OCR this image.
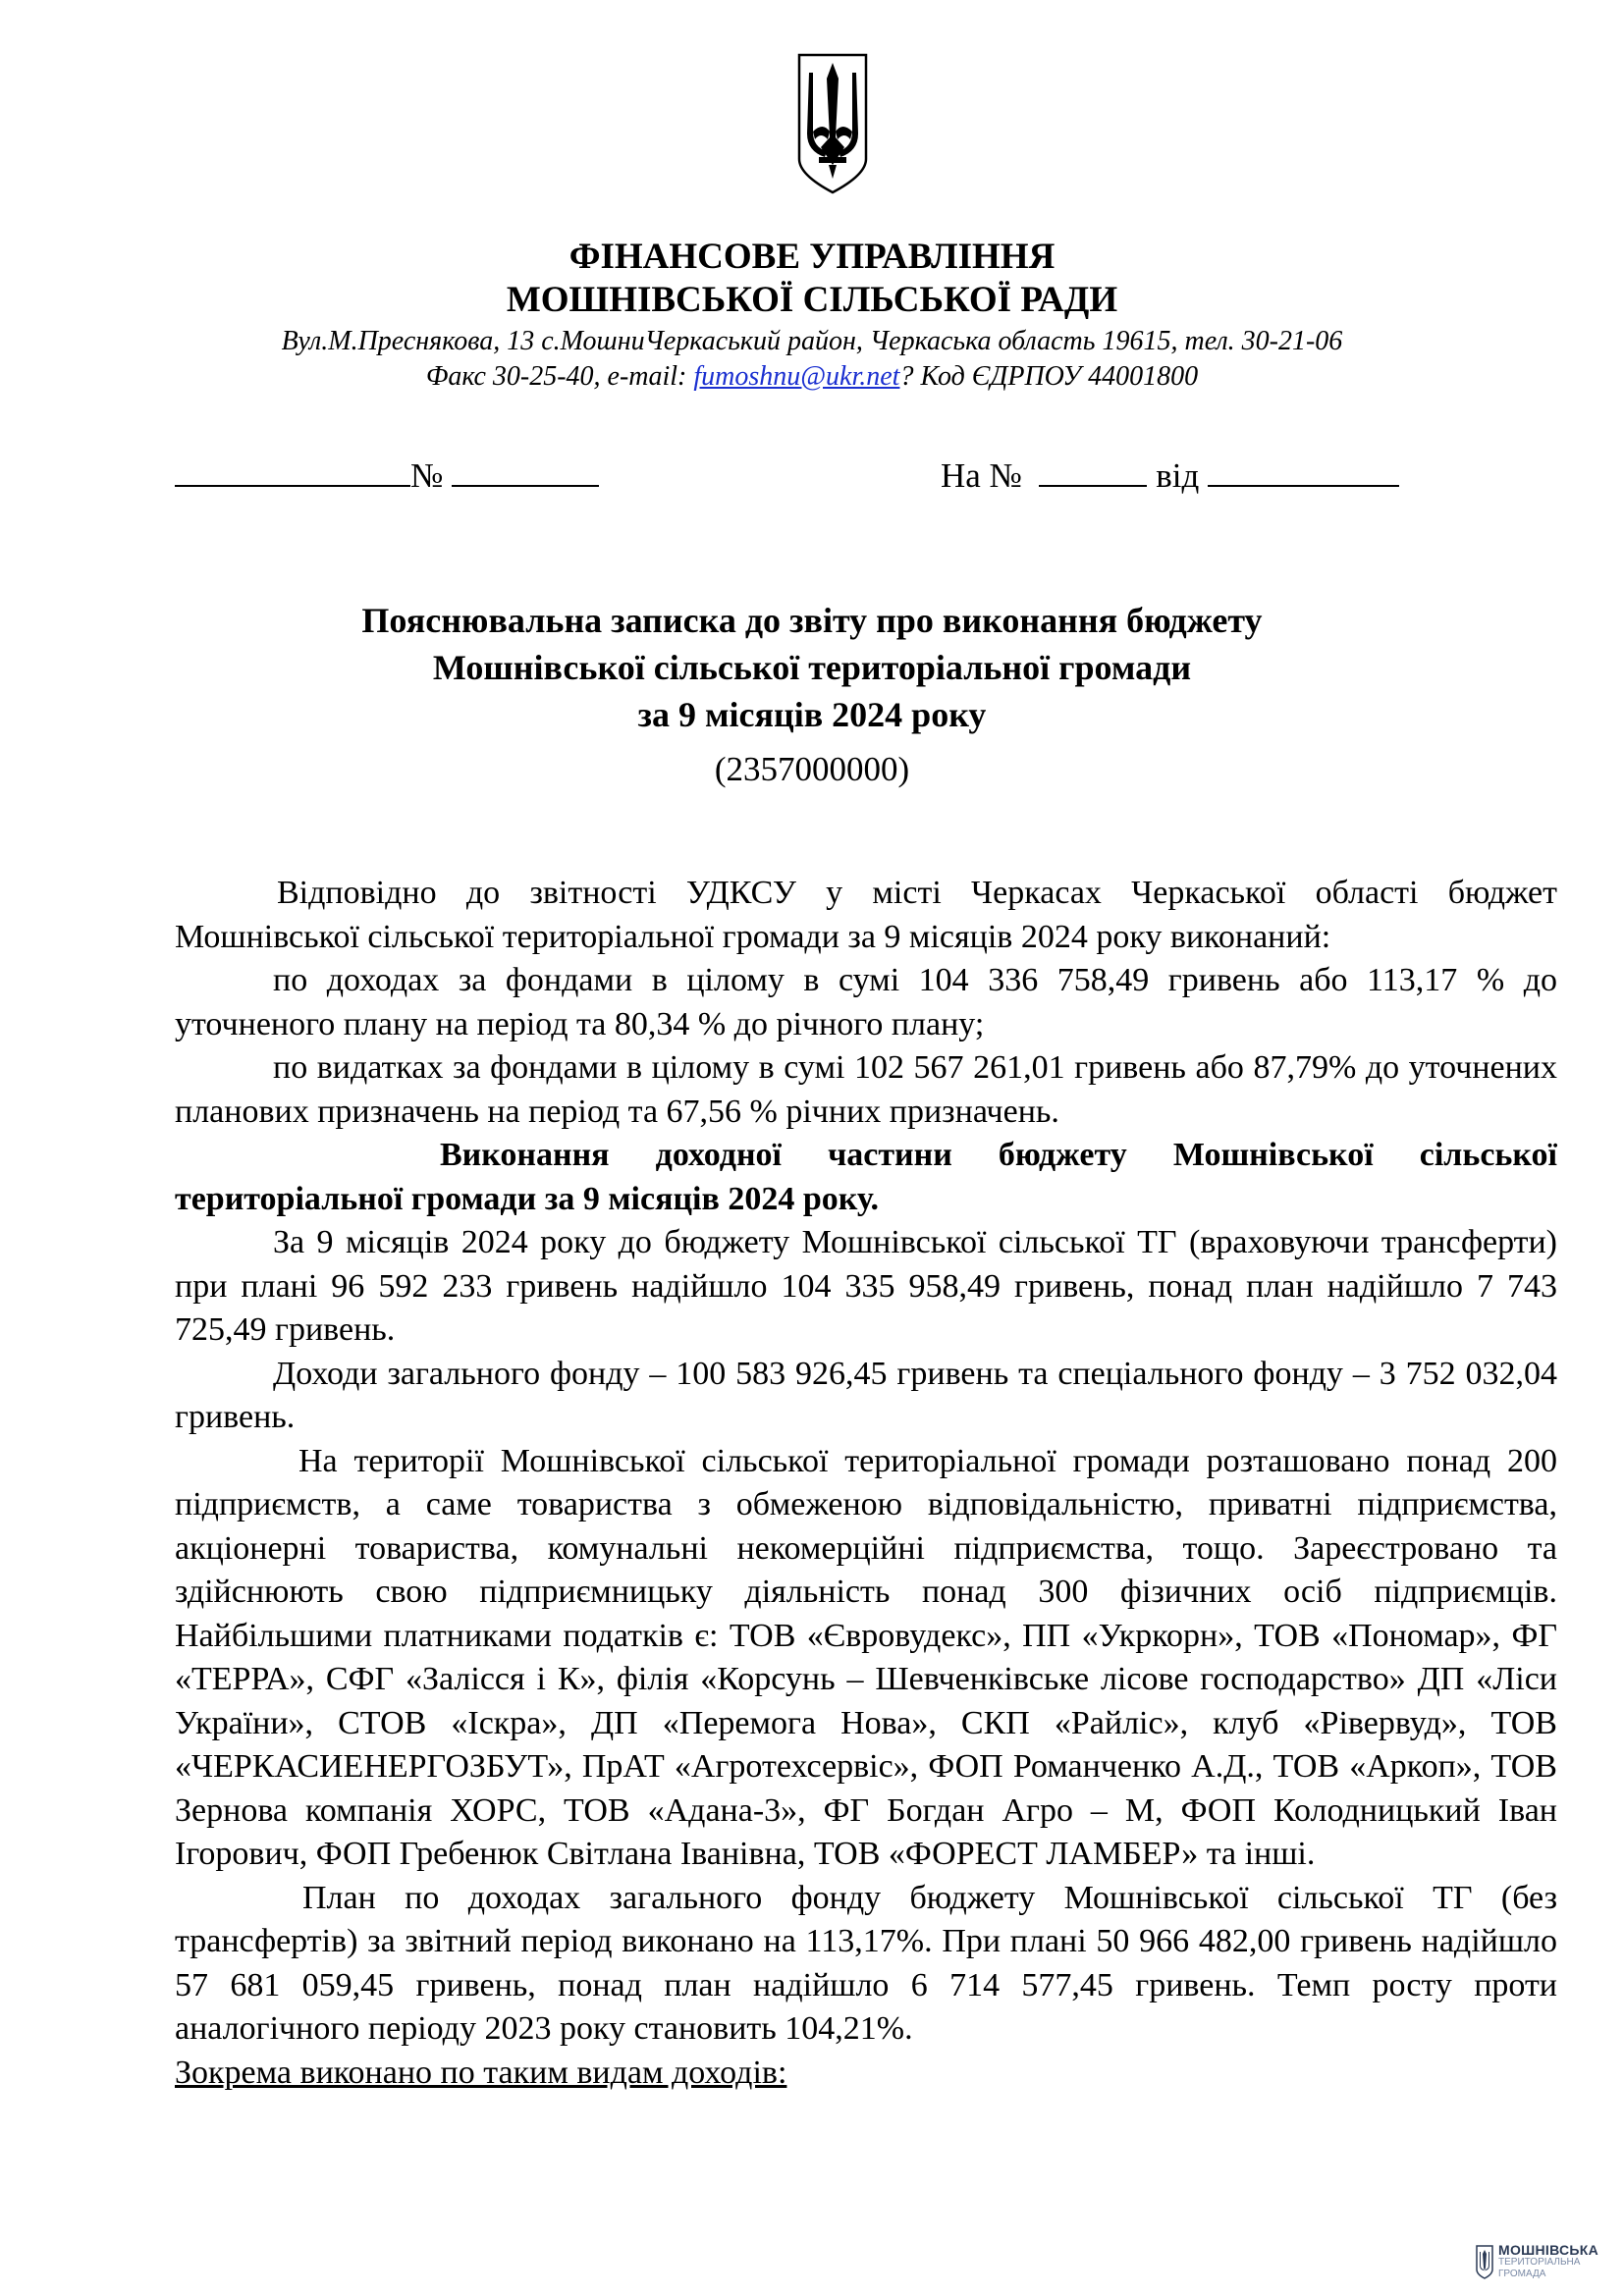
ФІНАНСОВЕ УПРАВЛІННЯ
МОШНІВСЬКОЇ СІЛЬСЬКОЇ РАДИ
Вул.М.Преснякова, 13 с.МошниЧеркаський район, Черкаська область 19615, тел. 30-21-06
Факс 30-25-40, e-mail: fumoshnu@ukr.net? Код ЄДРПОУ 44001800
№	На №	від
Пояснювальна записка до звіту про виконання бюджету
Мошнівської сільської територіальної громади
за 9 місяців 2024 року
(2357000000)

Відповідно до звітності УДКСУ у місті Черкасах Черкаської області бюджет Мошнівської сільської територіальної громади за 9 місяців 2024 року виконаний:

по доходах за фондами в цілому в сумі 104 336 758,49 гривень або 113,17 % до уточненого плану на період та 80,34 % до річного плану;

по видатках за фондами в цілому в сумі 102 567 261,01 гривень або 87,79% до уточнених планових призначень на період та 67,56 % річних призначень.

Виконання доходної частини бюджету Мошнівської сільської територіальної громади за 9 місяців 2024 року.

За 9 місяців 2024 року до бюджету Мошнівської сільської ТГ (враховуючи трансферти) при плані 96 592 233 гривень надійшло 104 335 958,49 гривень, понад план надійшло 7 743 725,49 гривень.

Доходи загального фонду – 100 583 926,45 гривень та спеціального фонду – 3 752 032,04 гривень.

На території Мошнівської сільської територіальної громади розташовано понад 200 підприємств, а саме товариства з обмеженою відповідальністю, приватні підприємства, акціонерні товариства, комунальні некомерційні підприємства, тощо. Зареєстровано та здійснюють свою підприємницьку діяльність понад 300 фізичних осіб підприємців. Найбільшими платниками податків є: ТОВ «Євровудекс», ПП «Укркорн», ТОВ «Пономар», ФГ «ТЕРРА», СФГ «Залісся і К», філія «Корсунь – Шевченківське лісове господарство» ДП «Ліси України», СТОВ «Іскра», ДП «Перемога Нова», СКП «Райліс», клуб «Рівервуд», ТОВ «ЧЕРКАСИЕНЕРГОЗБУТ», ПрАТ «Агротехсервіс», ФОП Романченко А.Д., ТОВ «Аркоп», ТОВ Зернова компанія ХОРС, ТОВ «Адана-3», ФГ Богдан Агро – М, ФОП Колодницький Іван Ігорович, ФОП Гребенюк Світлана Іванівна, ТОВ «ФОРЕСТ ЛАМБЕР» та інші.

План по доходах загального фонду бюджету Мошнівської сільської ТГ (без трансфертів) за звітний період виконано на 113,17%. При плані 50 966 482,00 гривень надійшло 57 681 059,45 гривень, понад план надійшло 6 714 577,45 гривень. Темп росту проти аналогічного періоду 2023 року становить 104,21%.

Зокрема виконано по таким видам доходів:

МОШНІВСЬКА
ТЕРИТОРІАЛЬНА
ГРОМАДА
